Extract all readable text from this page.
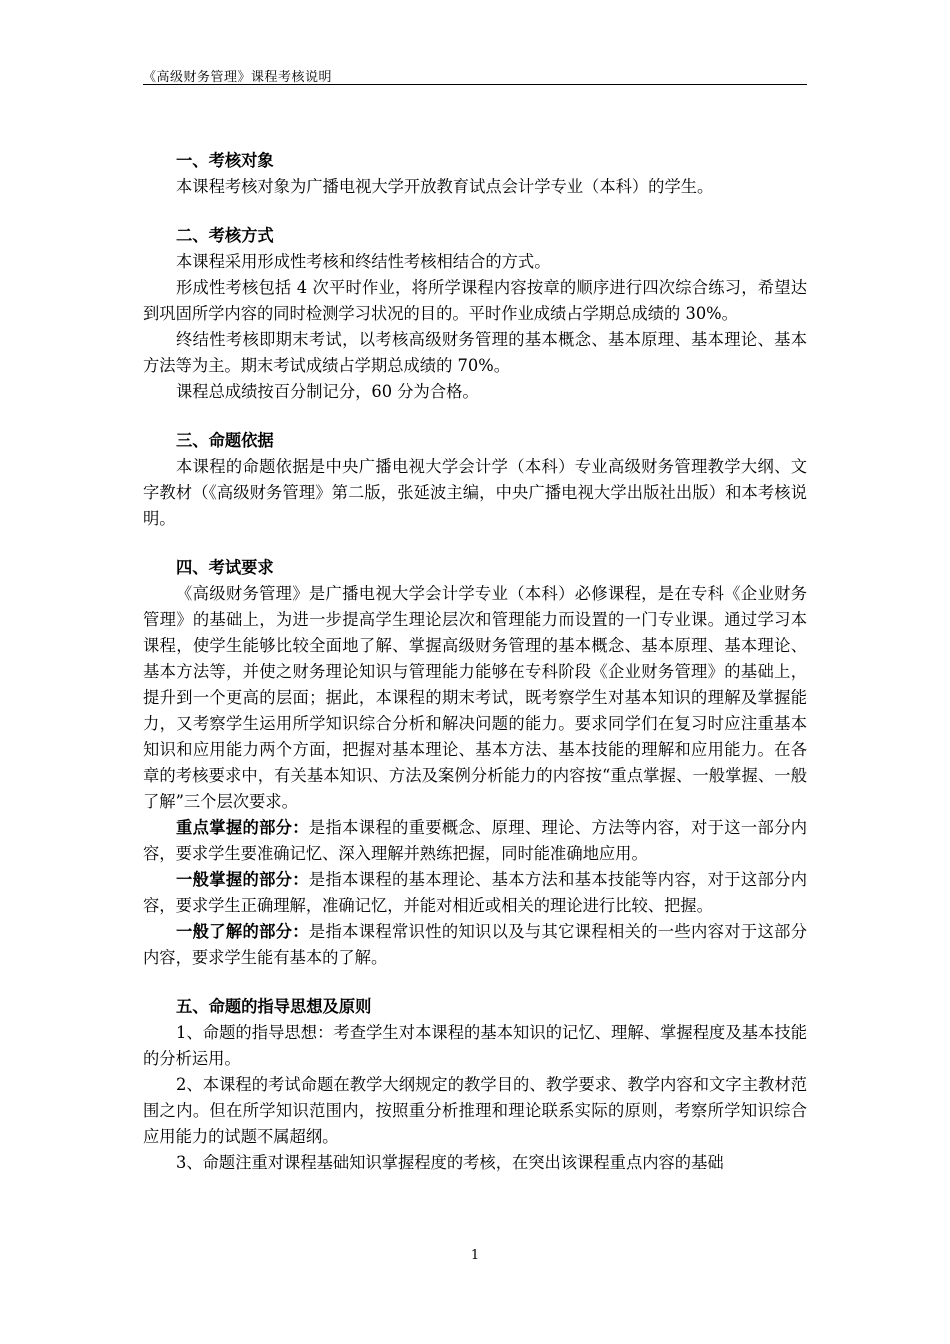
《高级财务管理》课程考核说明

一、考核对象

本课程考核对象为广播电视大学开放教育试点会计学专业（本科）的学生。

二、考核方式

本课程采用形成性考核和终结性考核相结合的方式。

形成性考核包括 4 次平时作业，将所学课程内容按章的顺序进行四次综合练习，希望达到巩固所学内容的同时检测学习状况的目的。平时作业成绩占学期总成绩的 30%。

终结性考核即期末考试，以考核高级财务管理的基本概念、基本原理、基本理论、基本方法等为主。期末考试成绩占学期总成绩的 70%。

课程总成绩按百分制记分，60 分为合格。

三、命题依据

本课程的命题依据是中央广播电视大学会计学（本科）专业高级财务管理教学大纲、文字教材（《高级财务管理》第二版，张延波主编，中央广播电视大学出版社出版）和本考核说明。

四、考试要求

《高级财务管理》是广播电视大学会计学专业（本科）必修课程，是在专科《企业财务管理》的基础上，为进一步提高学生理论层次和管理能力而设置的一门专业课。通过学习本课程，使学生能够比较全面地了解、掌握高级财务管理的基本概念、基本原理、基本理论、基本方法等，并使之财务理论知识与管理能力能够在专科阶段《企业财务管理》的基础上，提升到一个更高的层面；据此，本课程的期末考试，既考察学生对基本知识的理解及掌握能力，又考察学生运用所学知识综合分析和解决问题的能力。要求同学们在复习时应注重基本知识和应用能力两个方面，把握对基本理论、基本方法、基本技能的理解和应用能力。在各章的考核要求中，有关基本知识、方法及案例分析能力的内容按“重点掌握、一般掌握、一般了解”三个层次要求。

重点掌握的部分：是指本课程的重要概念、原理、理论、方法等内容，对于这一部分内容，要求学生要准确记忆、深入理解并熟练把握，同时能准确地应用。

一般掌握的部分：是指本课程的基本理论、基本方法和基本技能等内容，对于这部分内容，要求学生正确理解，准确记忆，并能对相近或相关的理论进行比较、把握。

一般了解的部分：是指本课程常识性的知识以及与其它课程相关的一些内容对于这部分内容，要求学生能有基本的了解。

五、命题的指导思想及原则

1、命题的指导思想：考查学生对本课程的基本知识的记忆、理解、掌握程度及基本技能的分析运用。

2、本课程的考试命题在教学大纲规定的教学目的、教学要求、教学内容和文字主教材范围之内。但在所学知识范围内，按照重分析推理和理论联系实际的原则，考察所学知识综合应用能力的试题不属超纲。

3、命题注重对课程基础知识掌握程度的考核，在突出该课程重点内容的基础

1
